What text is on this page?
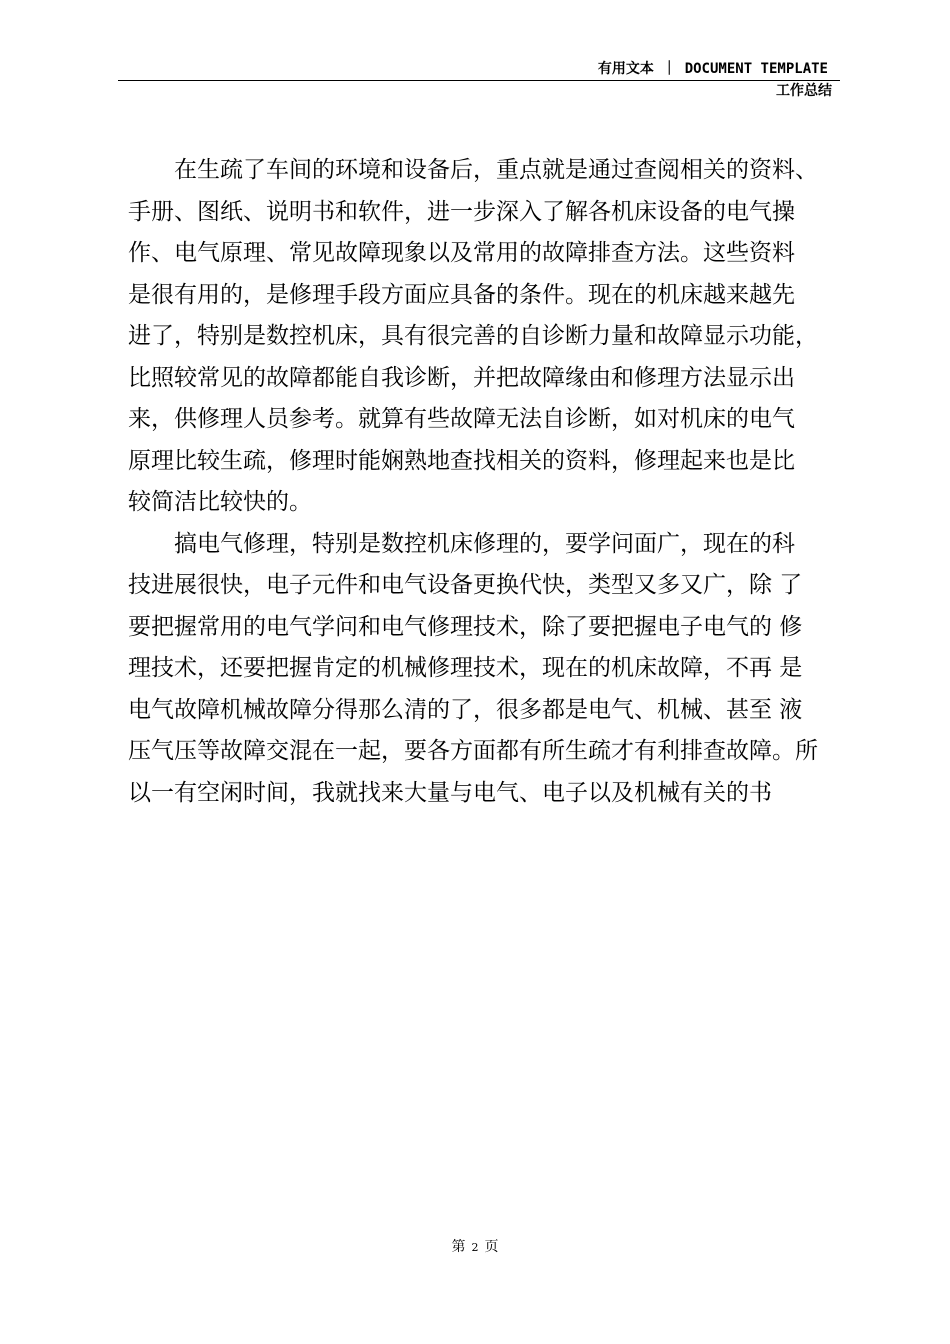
有用文本 ｜ DOCUMENT TEMPLATE
工作总结

在生疏了车间的环境和设备后，重点就是通过查阅相关的资料、
手册、图纸、说明书和软件，进一步深入了解各机床设备的电气操
作、电气原理、常见故障现象以及常用的故障排查方法。这些资料
是很有用的，是修理手段方面应具备的条件。现在的机床越来越先
进了，特别是数控机床，具有很完善的自诊断力量和故障显示功能，
比照较常见的故障都能自我诊断，并把故障缘由和修理方法显示出
来，供修理人员参考。就算有些故障无法自诊断，如对机床的电气
原理比较生疏，修理时能娴熟地查找相关的资料，修理起来也是比
较简洁比较快的。

搞电气修理，特别是数控机床修理的，要学问面广，现在的科
技进展很快，电子元件和电气设备更换代快，类型又多又广，除 了
要把握常用的电气学问和电气修理技术，除了要把握电子电气的 修
理技术，还要把握肯定的机械修理技术，现在的机床故障，不再 是
电气故障机械故障分得那么清的了，很多都是电气、机械、甚至 液
压气压等故障交混在一起，要各方面都有所生疏才有利排查故障。所
以一有空闲时间，我就找来大量与电气、电子以及机械有关的书

第 2 页
